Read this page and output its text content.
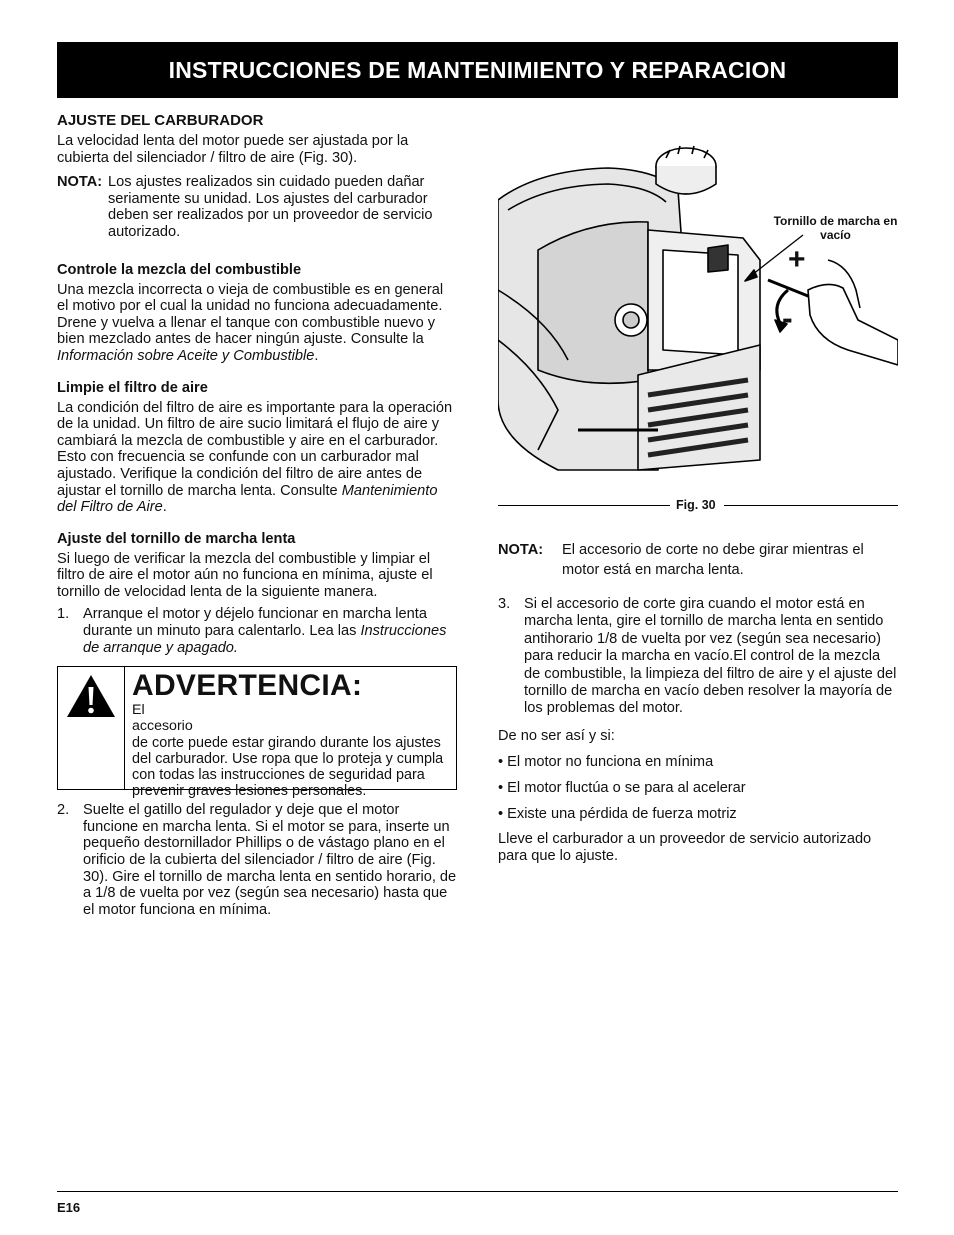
INSTRUCCIONES DE MANTENIMIENTO Y REPARACION
AJUSTE DEL CARBURADOR

La velocidad lenta del motor puede ser ajustada por la cubierta del silenciador / filtro de aire (Fig. 30).

NOTA: Los ajustes realizados sin cuidado pueden dañar seriamente su unidad. Los ajustes del carburador deben ser realizados por un proveedor de servicio autorizado.
Controle la mezcla del combustible

Una mezcla incorrecta o vieja de combustible es en general el motivo por el cual la unidad no funciona adecuadamente. Drene y vuelva a llenar el tanque con combustible nuevo y bien mezclado antes de hacer ningún ajuste. Consulte la Información sobre Aceite y Combustible.

Limpie el filtro de aire

La condición del filtro de aire es importante para la operación de la unidad. Un filtro de aire sucio limitará el flujo de aire y cambiará la mezcla de combustible y aire en el carburador. Esto con frecuencia se confunde con un carburador mal ajustado. Verifique la condición del filtro de aire antes de ajustar el tornillo de marcha lenta. Consulte Mantenimiento del Filtro de Aire.

Ajuste del tornillo de marcha lenta

Si luego de verificar la mezcla del combustible y limpiar el filtro de aire el motor aún no funciona en mínima, ajuste el tornillo de velocidad lenta de la siguiente manera.

1. Arranque el motor y déjelo funcionar en marcha lenta durante un minuto para calentarlo. Lea las Instrucciones de arranque y apagado.
ADVERTENCIA:
El accesorio
de corte puede estar girando durante los ajustes del carburador. Use ropa que lo proteja y cumpla con todas las instrucciones de seguridad para prevenir graves lesiones personales.
2. Suelte el gatillo del regulador y deje que el motor funcione en marcha lenta. Si el motor se para, inserte un pequeño destornillador Phillips o de vástago plano en el orificio de la cubierta del silenciador / filtro de aire (Fig. 30). Gire el tornillo de marcha lenta en sentido horario, de a 1/8 de vuelta por vez (según sea necesario) hasta que el motor funciona en mínima.
Tornillo de marcha en vacío
+
-
Fig. 30
NOTA:	El accesorio de corte no debe girar mientras el motor está en marcha lenta.
3. Si el accesorio de corte gira cuando el motor está en marcha lenta, gire el tornillo de marcha lenta en sentido antihorario 1/8 de vuelta por vez (según sea necesario) para reducir la marcha en vacío.El control de la mezcla de combustible, la limpieza del filtro de aire y el ajuste del tornillo de marcha en vacío deben resolver la mayoría de los problemas del motor.

De no ser así y si:

• El motor no funciona en mínima

• El motor fluctúa o se para al acelerar

• Existe una pérdida de fuerza motriz

Lleve el carburador a un proveedor de servicio autorizado para que lo ajuste.

E16
